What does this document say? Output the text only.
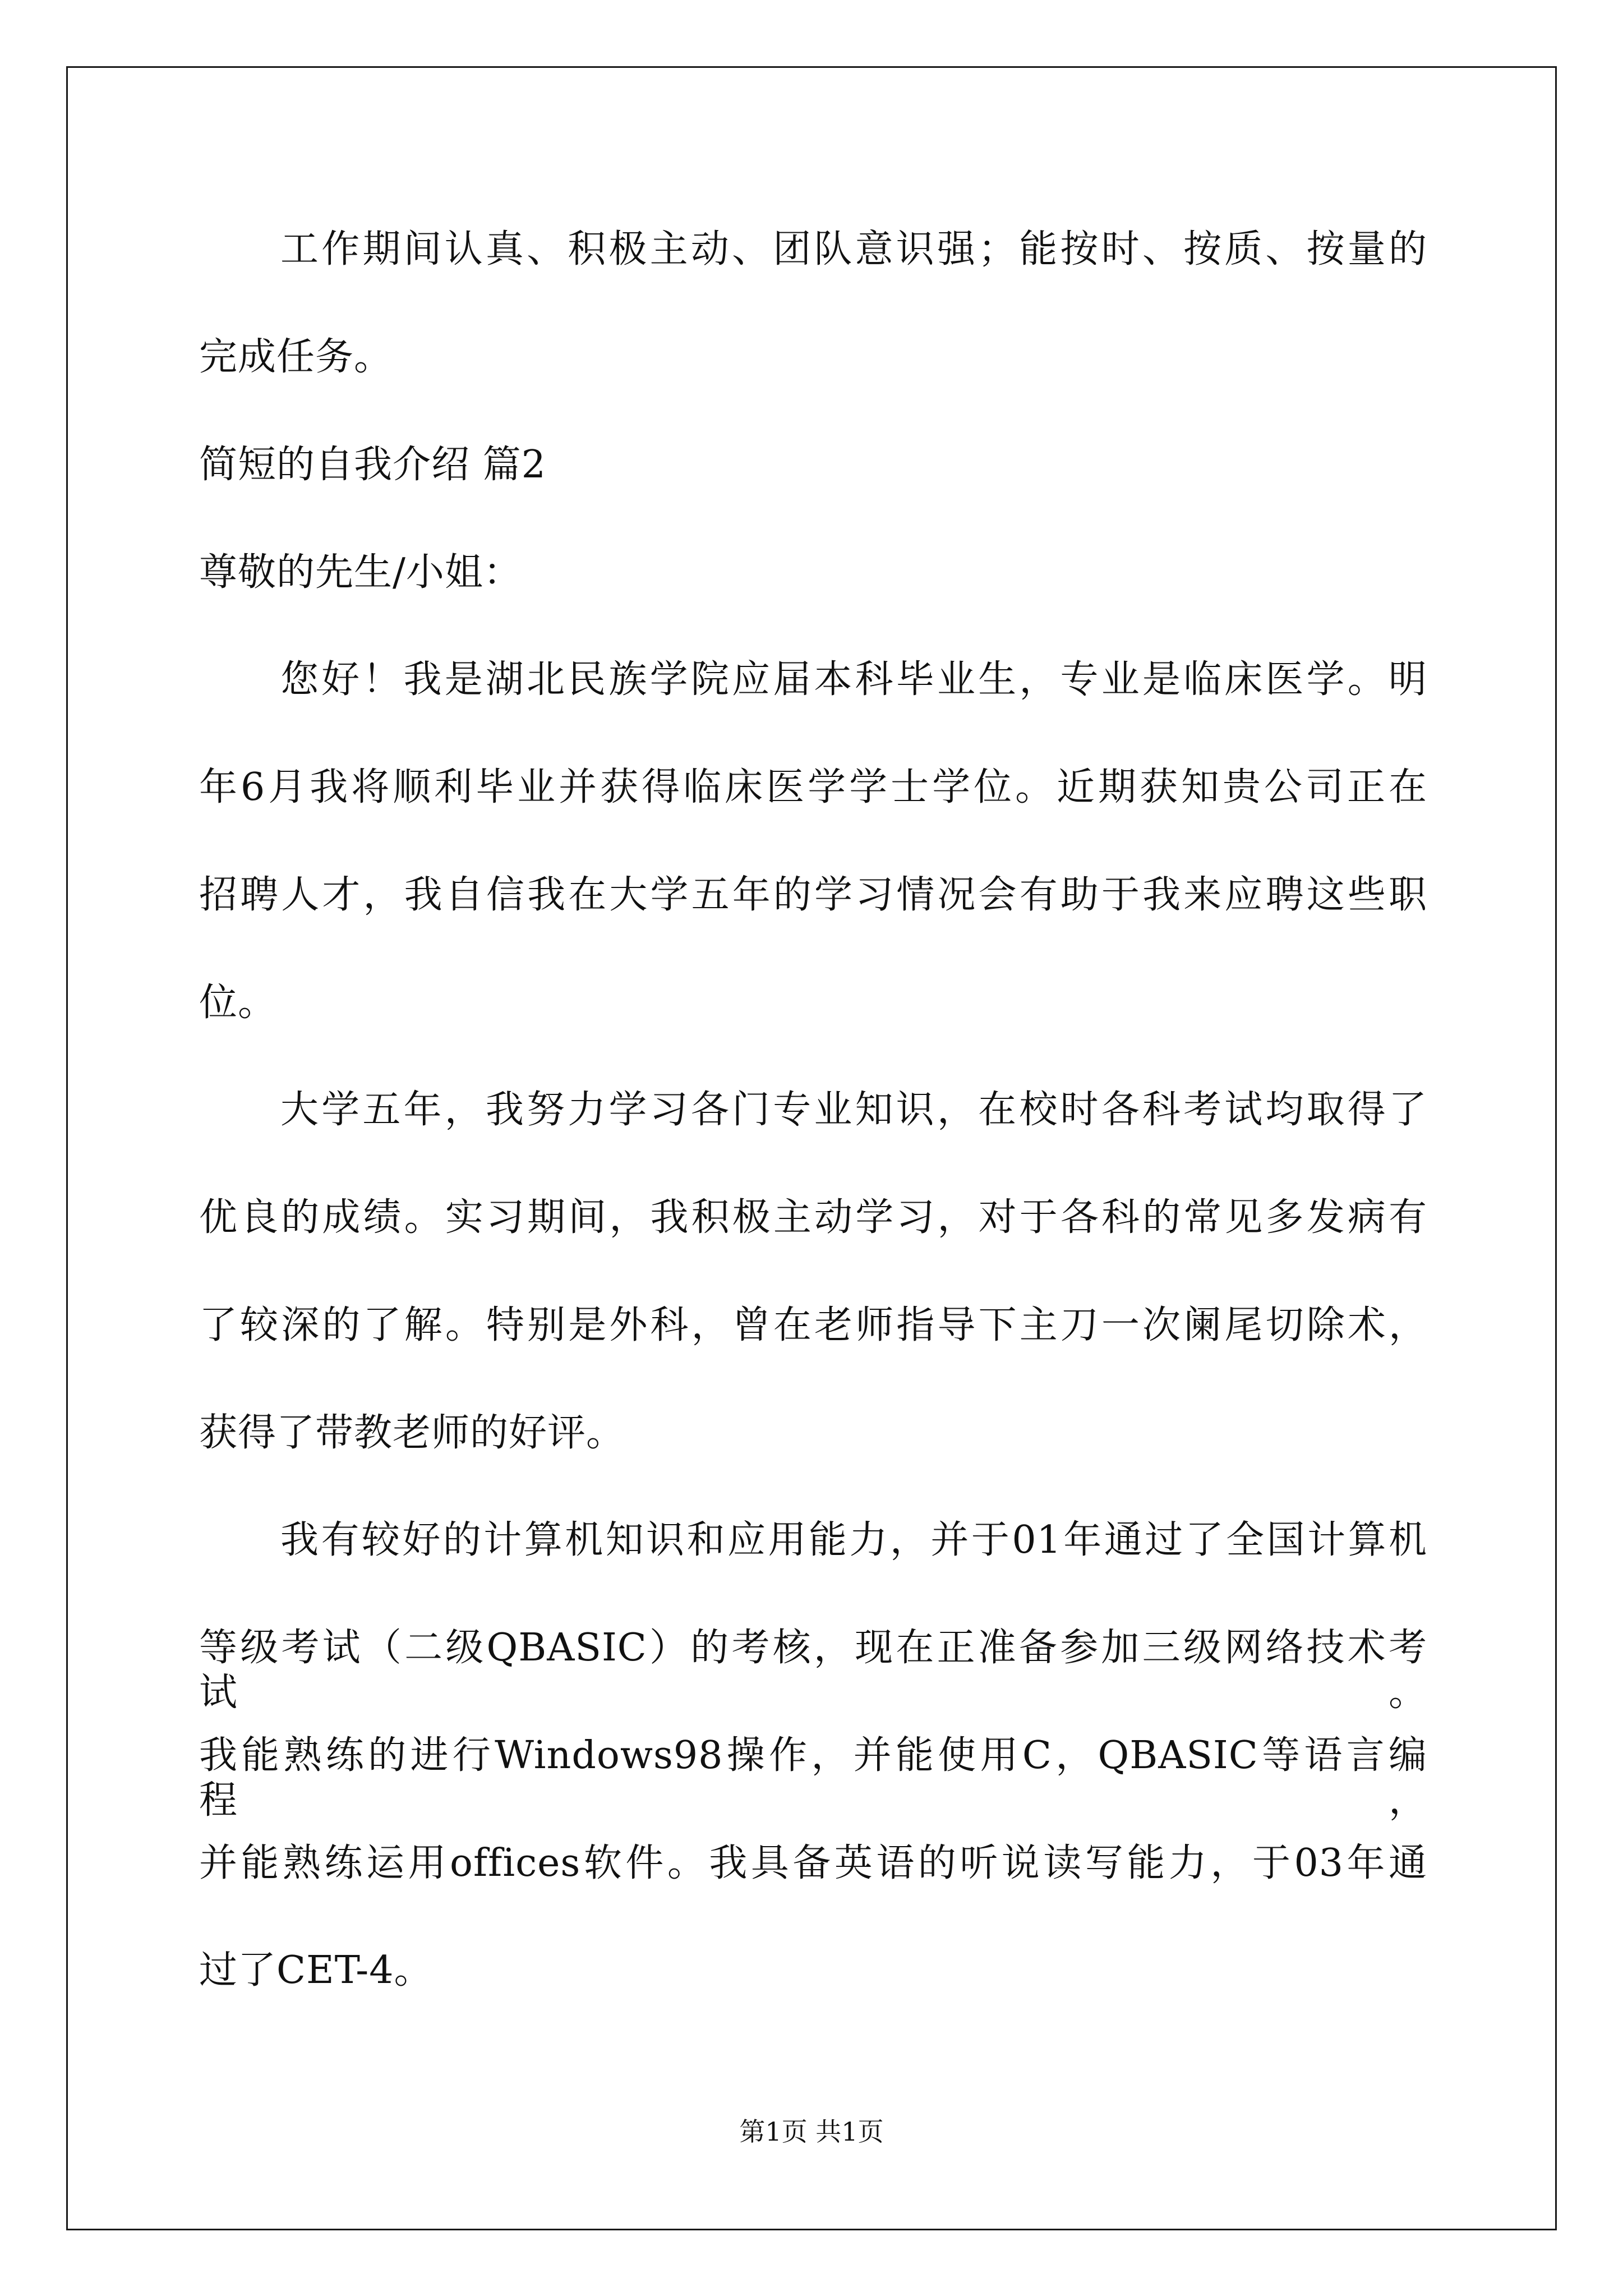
工作期间认真、积极主动、团队意识强；能按时、按质、按量的
完成任务。
简短的自我介绍 篇2
尊敬的先生/小姐：
您好！我是湖北民族学院应届本科毕业生，专业是临床医学。明
年6月我将顺利毕业并获得临床医学学士学位。近期获知贵公司正在
招聘人才，我自信我在大学五年的学习情况会有助于我来应聘这些职
位。
大学五年，我努力学习各门专业知识，在校时各科考试均取得了
优良的成绩。实习期间，我积极主动学习，对于各科的常见多发病有
了较深的了解。特别是外科，曾在老师指导下主刀一次阑尾切除术，
获得了带教老师的好评。
我有较好的计算机知识和应用能力，并于01年通过了全国计算机
等级考试（二级QBASIC）的考核，现在正准备参加三级网络技术考试。
我能熟练的进行Windows98操作，并能使用C，QBASIC等语言编程，
并能熟练运用offices软件。我具备英语的听说读写能力，于03年通
过了CET-4。
第1页 共1页
